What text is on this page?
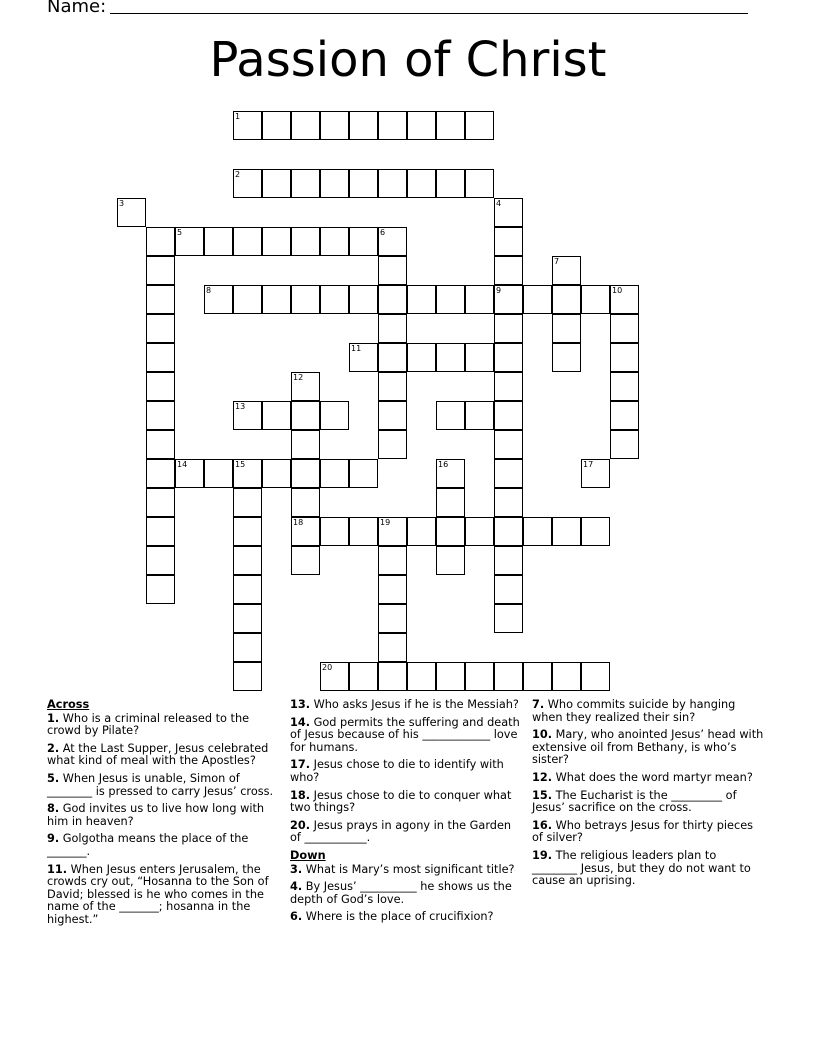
Name:
Passion of Christ
1
2
3	4
9
5	6
7
8	10
11
12
18
13
14	15	16	17
19
20
Across
1. Who is a criminal released to the crowd by Pilate?
2. At the Last Supper, Jesus celebrated what kind of meal with the Apostles?
5. When Jesus is unable, Simon of ________ is pressed to carry Jesus’ cross.
8. God invites us to live how long with him in heaven?
9. Golgotha means the place of the _______.
11. When Jesus enters Jerusalem, the crowds cry out, “Hosanna to the Son of David; blessed is he who comes in the name of the _______; hosanna in the highest.”
13. Who asks Jesus if he is the Messiah?
14. God permits the suffering and death of Jesus because of his ____________ love for humans.
17. Jesus chose to die to identify with who?
18. Jesus chose to die to conquer what two things?
20. Jesus prays in agony in the Garden of ___________.
Down
3. What is Mary’s most significant title?
4. By Jesus’ __________ he shows us the depth of God’s love.
6. Where is the place of crucifixion?
7. Who commits suicide by hanging when they realized their sin?
10. Mary, who anointed Jesus’ head with extensive oil from Bethany, is who’s sister?
12. What does the word martyr mean?
15. The Eucharist is the _________ of Jesus’ sacrifice on the cross.
16. Who betrays Jesus for thirty pieces of silver?
19. The religious leaders plan to ________ Jesus, but they do not want to cause an uprising.
